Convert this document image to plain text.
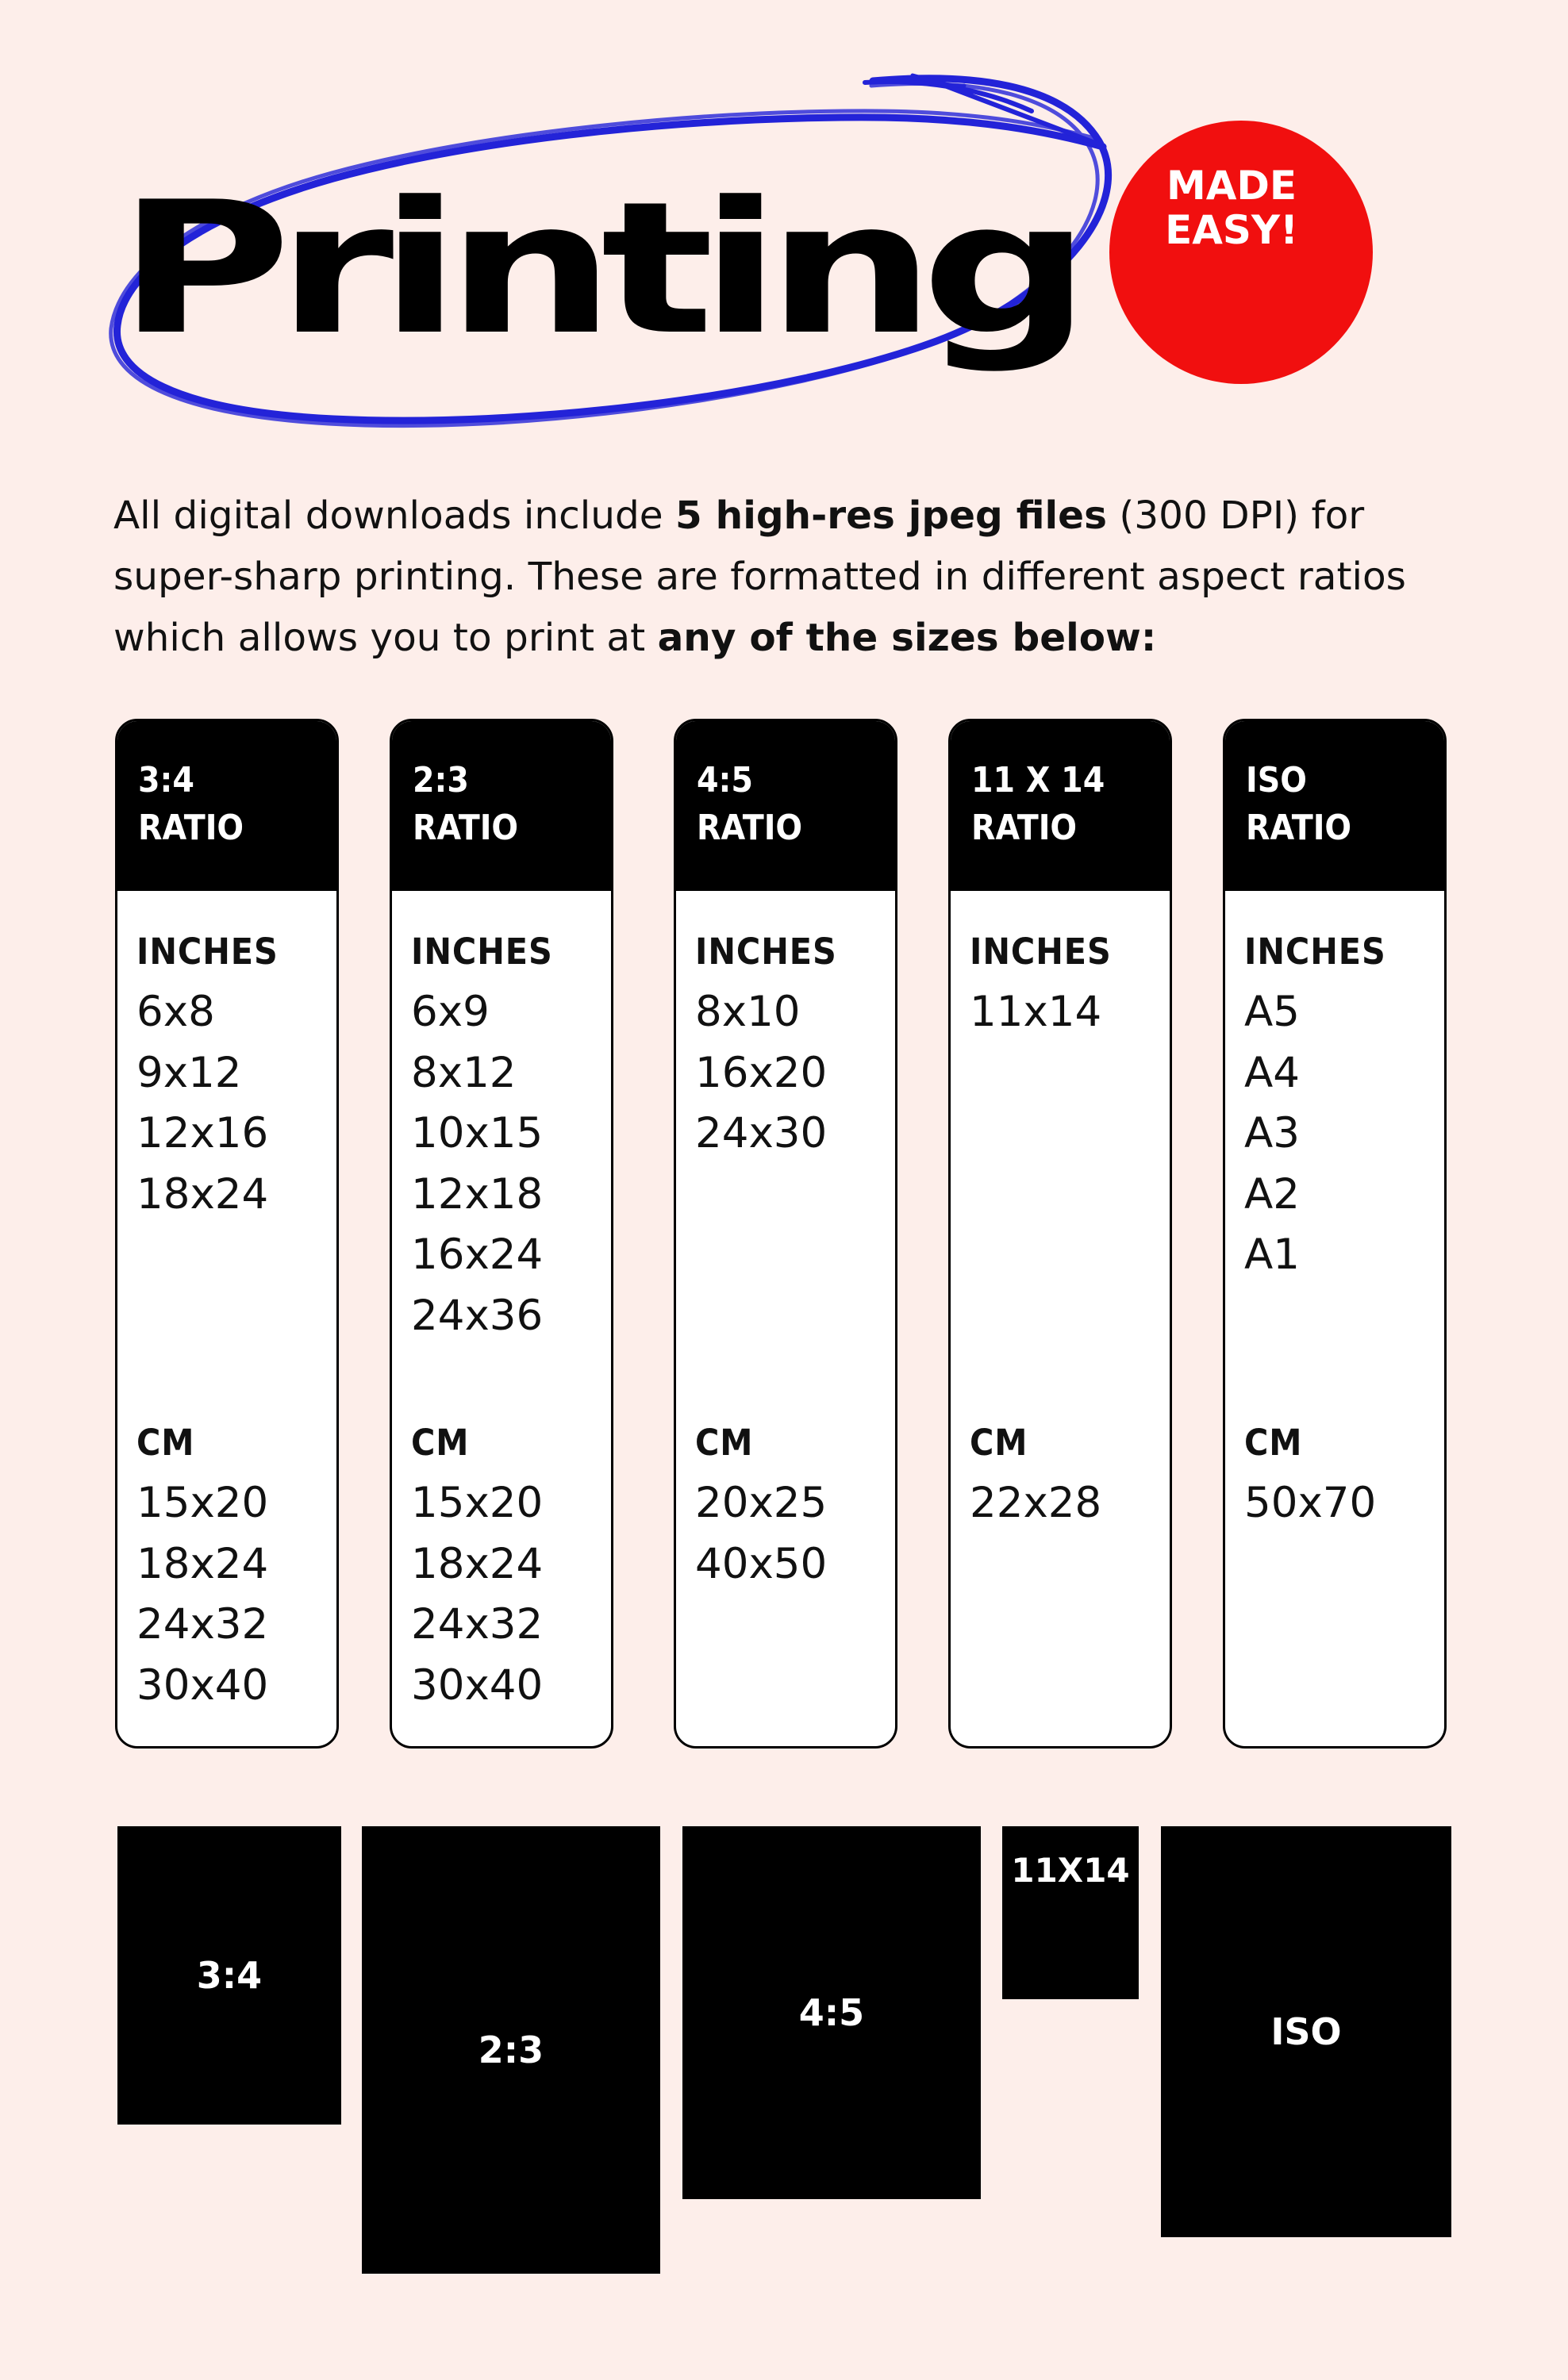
Printing MADE
EASY!
All digital downloads include 5 high-res jpeg files (300 DPI) for super-sharp printing. These are formatted in different aspect ratios which allows you to print at any of the sizes below:
3:4
RATIO
INCHES
6x8
9x12
12x16
18x24
CM
15x20
18x24
24x32
30x40
2:3
RATIO
INCHES
6x9
8x12
10x15
12x18
16x24
24x36
CM
15x20
18x24
24x32
30x40
4:5
RATIO
INCHES
8x10
16x20
24x30
CM
20x25
40x50
11 X 14
RATIO
INCHES
11x14
CM
22x28
ISO
RATIO
INCHES
A5
A4
A3
A2
A1
CM
50x70
3:4
2:3
4:5
11X14
ISO
